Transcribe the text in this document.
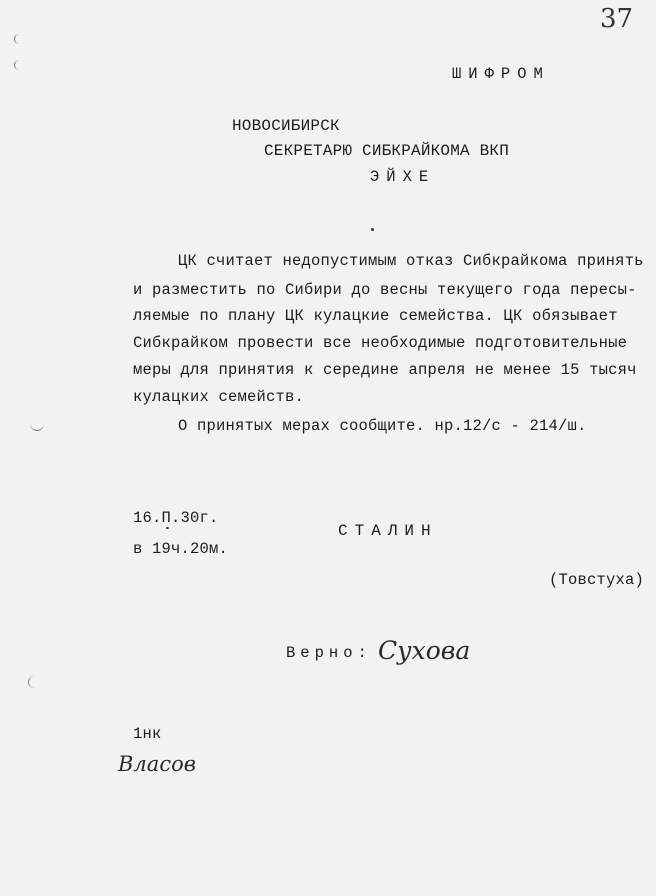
37
ШИФРОМ
НОВОСИБИРСК
СЕКРЕТАРЮ СИБКРАЙКОМА ВКП
ЭЙХЕ
ЦК считает недопустимым отказ Сибкрайкома принять
и разместить по Сибири до весны текущего года пересы-
ляемые по плану ЦК кулацкие семейства. ЦК обязывает
Сибкрайком провести все необходимые подготовительные
меры для принятия к середине апреля не менее 15 тысяч
кулацких семейств.
О принятых мерах сообщите. нр.12/с - 214/ш.
16.П.30г.
в 19ч.20м.
СТАЛИН
(Товстуха)
Верно: Сухова
1нк
Власов
